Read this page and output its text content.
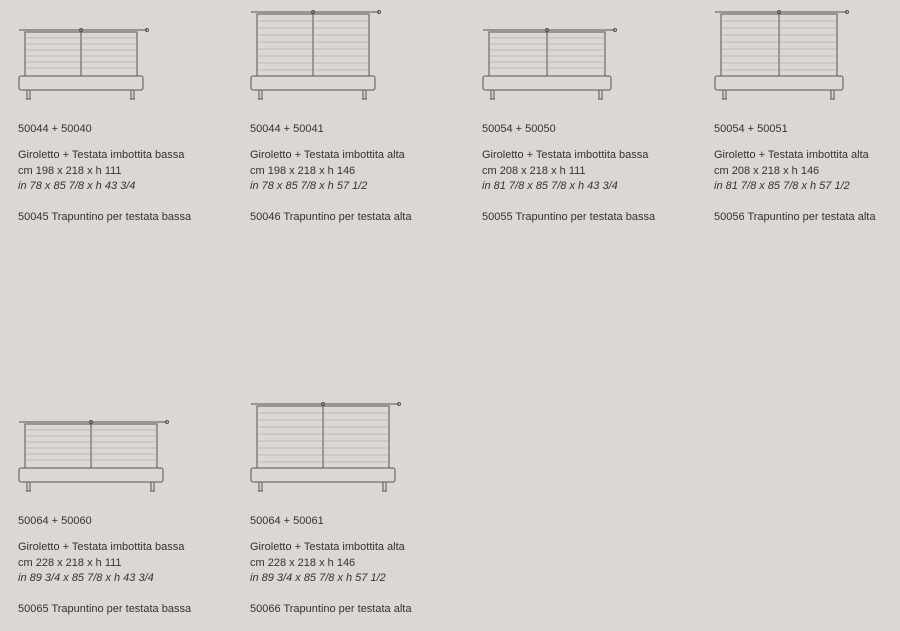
50044 + 50040
Giroletto + Testata imbottita bassa
cm 198 x 218 x h 111
in 78 x 85 7/8 x h 43 3/4
50045 Trapuntino per testata bassa
50044 + 50041
Giroletto + Testata imbottita alta
cm 198 x 218 x h 146
in 78 x 85 7/8 x h 57 1/2
50046 Trapuntino per testata alta
50054 + 50050
Giroletto + Testata imbottita bassa
cm 208 x 218 x h 111
in 81 7/8 x 85 7/8 x h 43 3/4
50055 Trapuntino per testata bassa
50054 + 50051
Giroletto + Testata imbottita alta
cm 208 x 218 x h 146
in 81 7/8 x 85 7/8 x h 57 1/2
50056 Trapuntino per testata alta
50064 + 50060
Giroletto + Testata imbottita bassa
cm 228 x 218 x h 111
in 89 3/4 x 85 7/8 x h 43 3/4
50065 Trapuntino per testata bassa
50064 + 50061
Giroletto + Testata imbottita alta
cm 228 x 218 x h 146
in 89 3/4 x 85 7/8 x h 57 1/2
50066 Trapuntino per testata alta
